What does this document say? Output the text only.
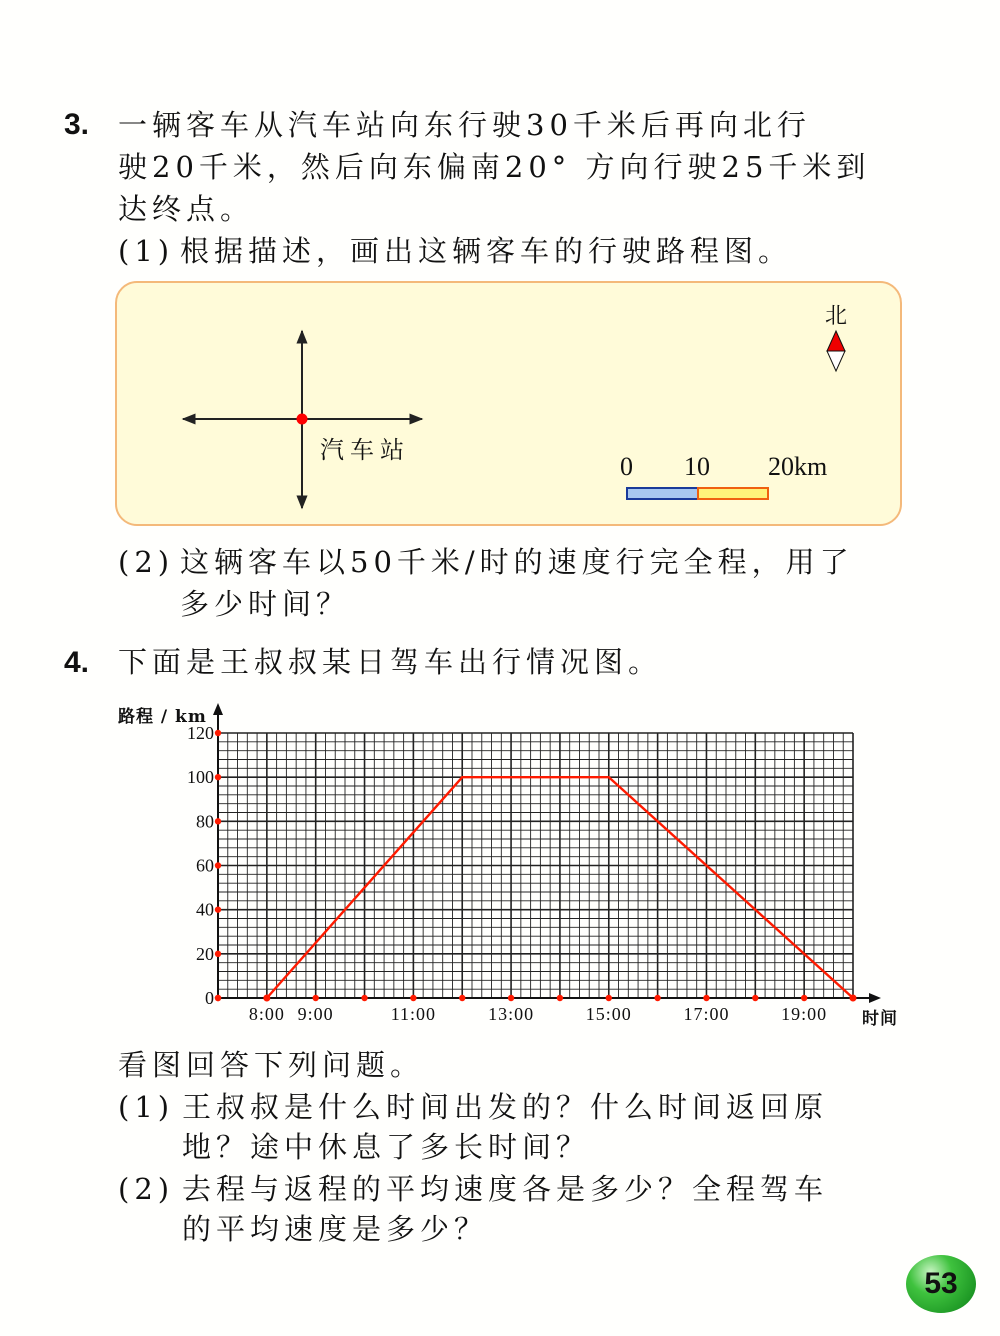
3. 一辆客车从汽车站向东行驶30千米后再向北行
驶20千米，然后向东偏南20° 方向行驶25千米到
达终点。
(1) 根据描述，画出这辆客车的行驶路程图。
汽车站
北
0 10 20km
(2) 这辆客车以50千米/时的速度行完全程，用了
多少时间？
4. 下面是王叔叔某日驾车出行情况图。
0
20
40
60
80
100
120
8:00 9:00	11:00	13:00	15:00	17:00	19:00
路程 / km
时间
看图回答下列问题。
(1) 王叔叔是什么时间出发的？什么时间返回原
地？途中休息了多长时间？
(2) 去程与返程的平均速度各是多少？全程驾车
的平均速度是多少？
53
